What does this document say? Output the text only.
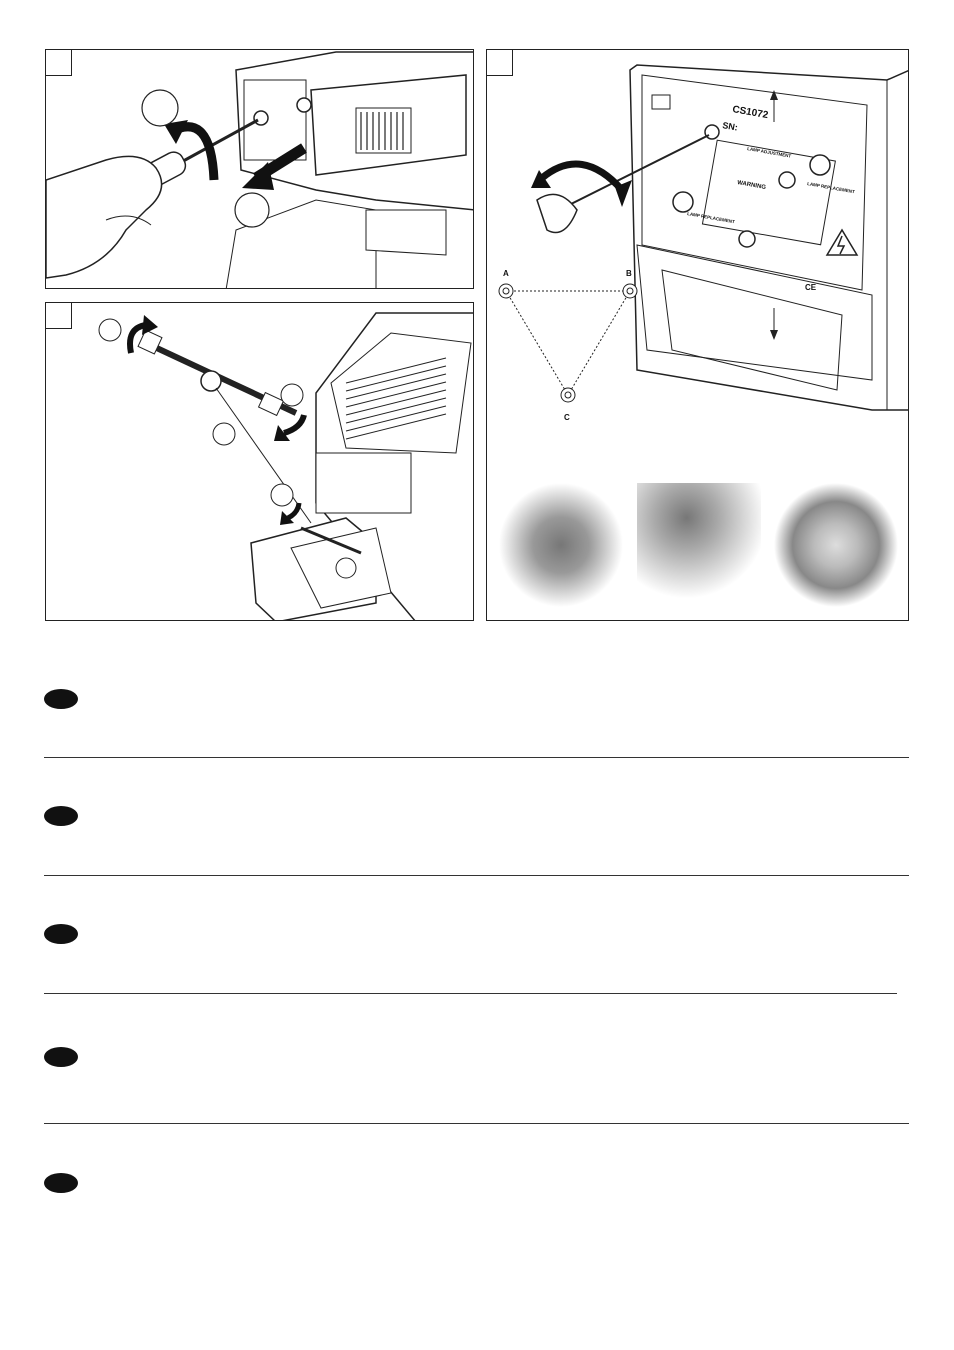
CS1072
SN:
WARNING
LAMP ADJUSTMENT
LAMP REPLACEMENT
LAMP REPLACEMENT
CE
A	B
C
